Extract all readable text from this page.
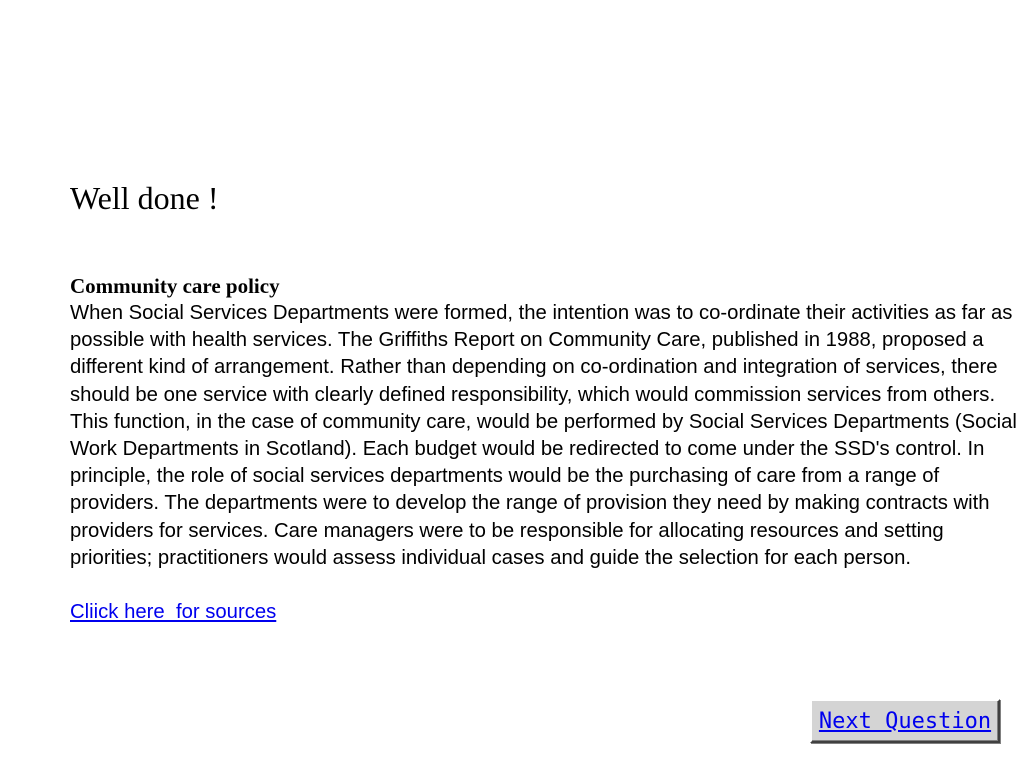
Well done !
Community care policy

When Social Services Departments were formed, the intention was to co-ordinate their activities as far as possible with health services. The Griffiths Report on Community Care, published in 1988, proposed a different kind of arrangement. Rather than depending on co-ordination and integration of services, there should be one service with clearly defined responsibility, which would commission services from others. This function, in the case of community care, would be performed by Social Services Departments (Social Work Departments in Scotland). Each budget would be redirected to come under the SSD's control. In principle, the role of social services departments would be the purchasing of care from a range of providers. The departments were to develop the range of provision they need by making contracts with providers for services. Care managers were to be responsible for allocating resources and setting priorities; practitioners would assess individual cases and guide the selection for each person.

Cliick here  for sources
Next Question
